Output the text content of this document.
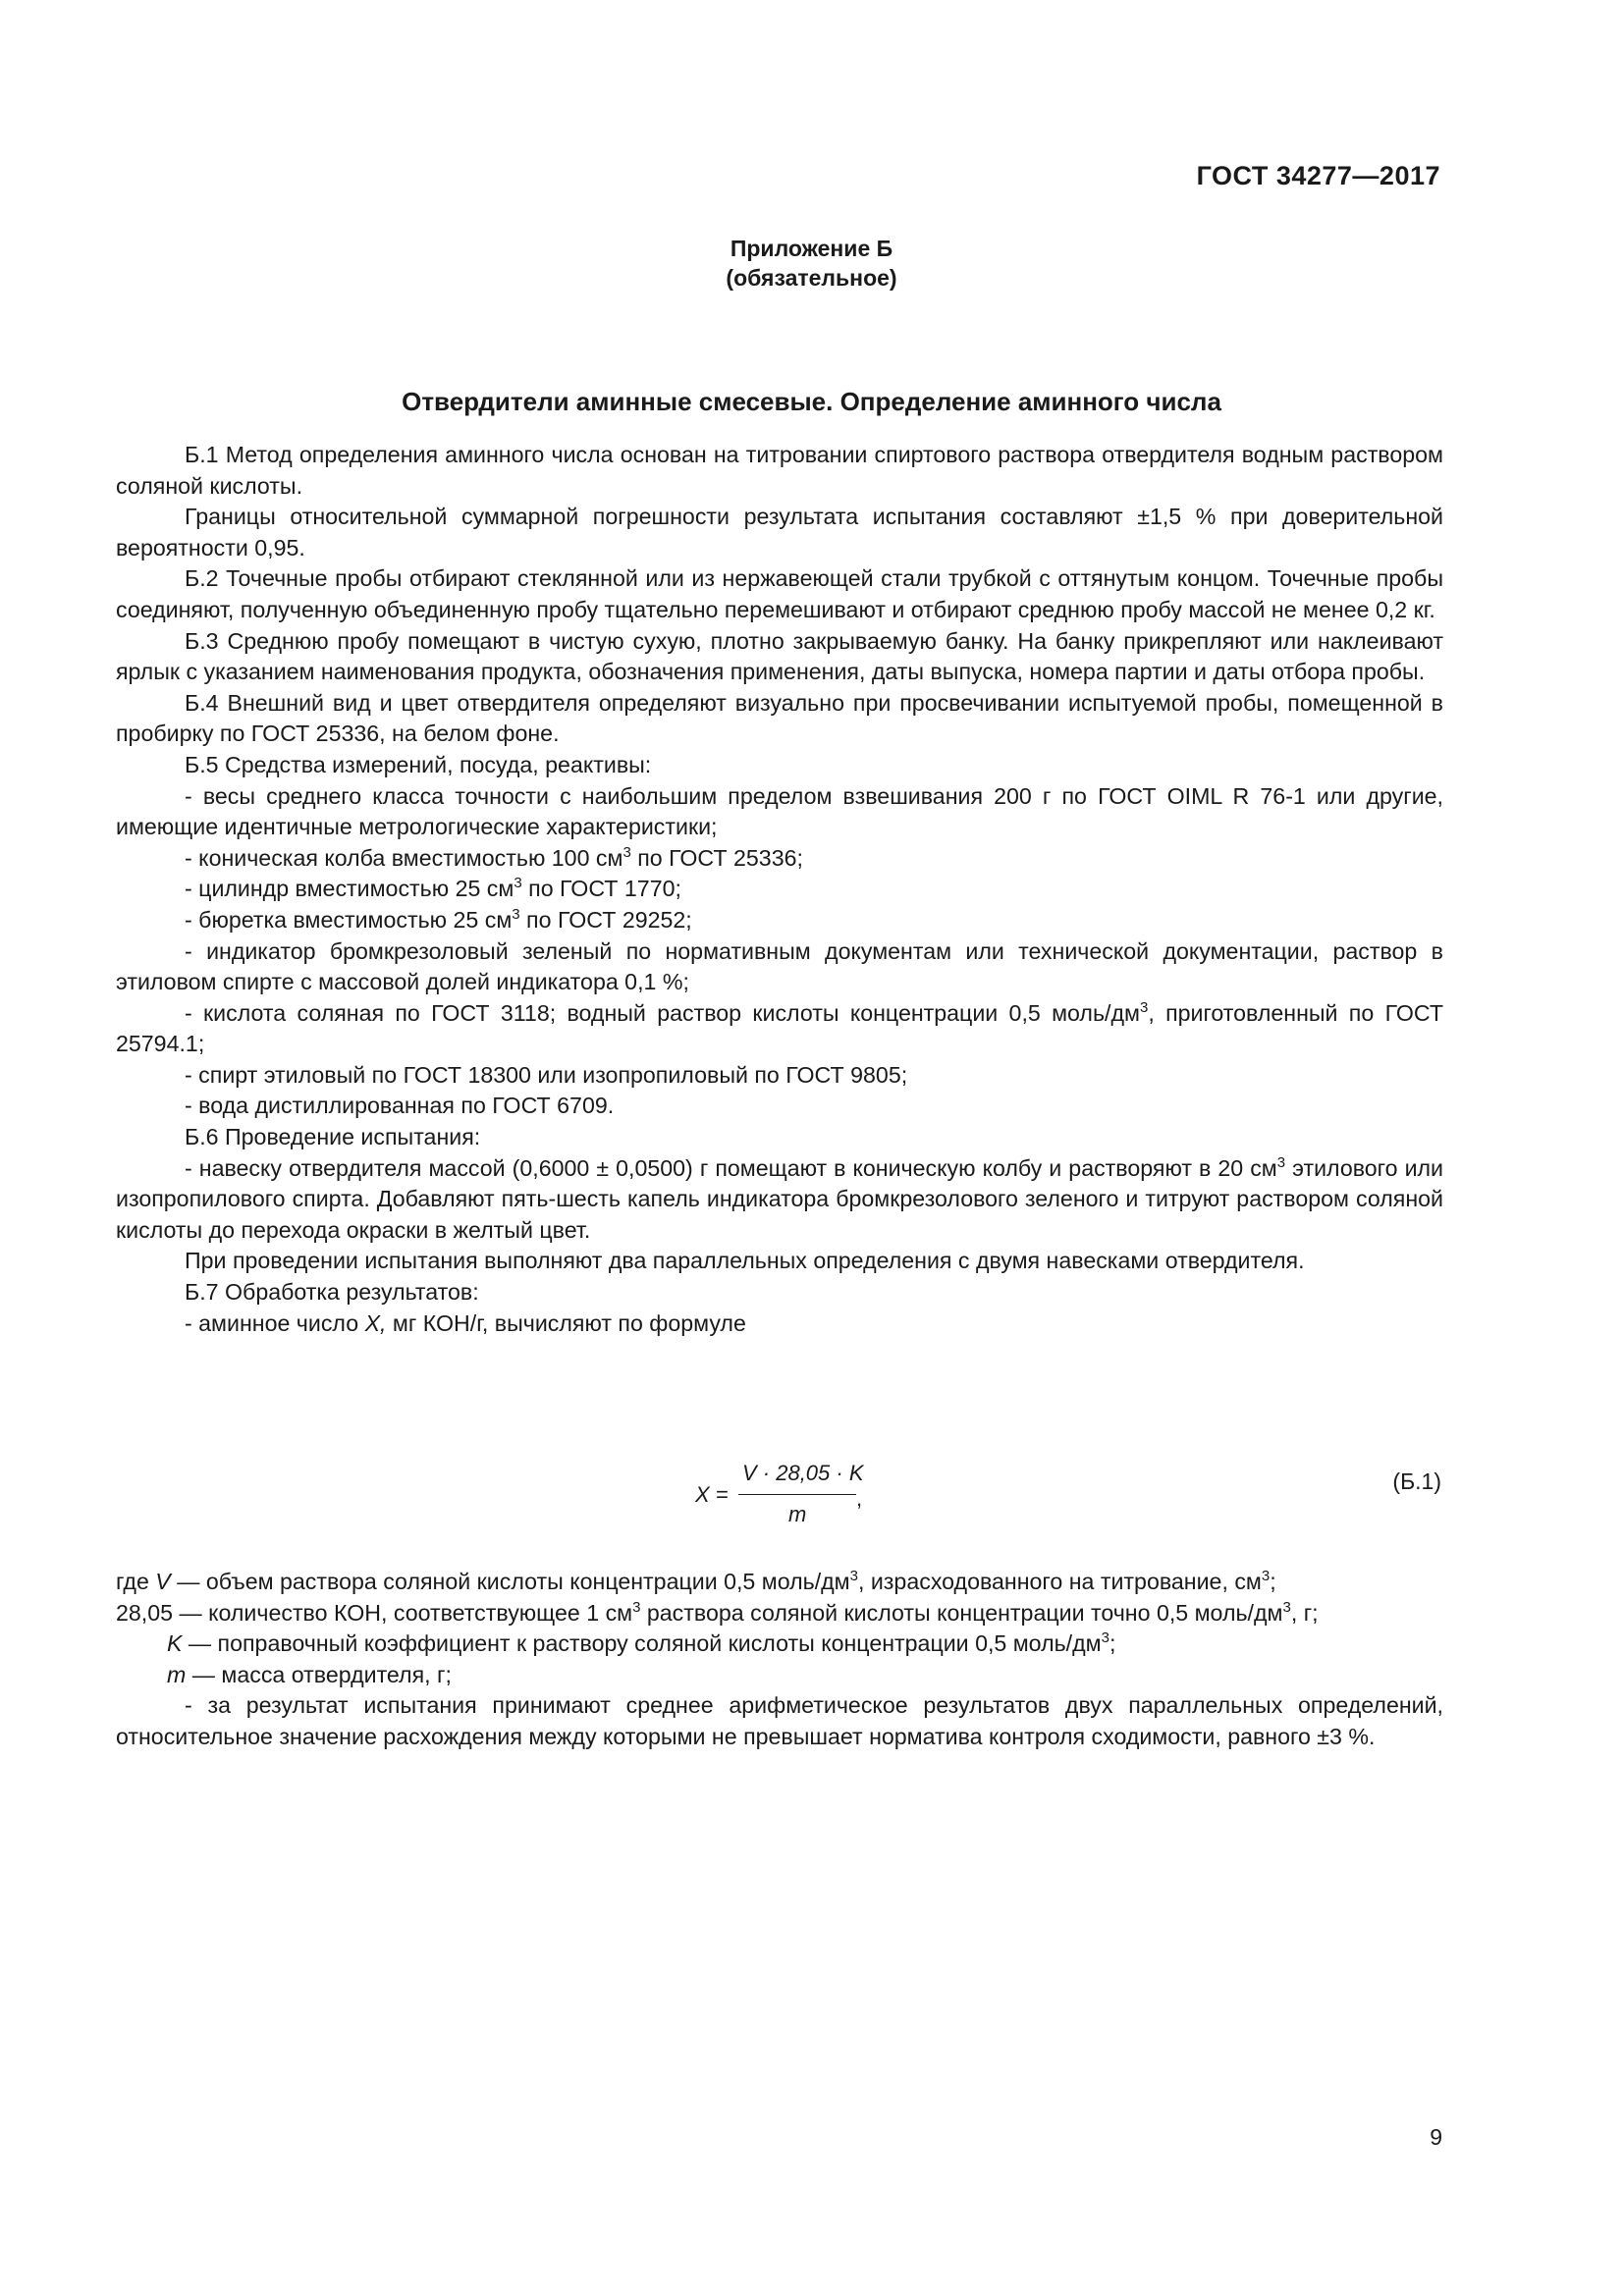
ГОСТ 34277—2017
Приложение Б
(обязательное)
Отвердители аминные смесевые. Определение аминного числа

Б.1 Метод определения аминного числа основан на титровании спиртового раствора отвердителя водным раствором соляной кислоты.

Границы относительной суммарной погрешности результата испытания составляют ±1,5 % при доверительной вероятности 0,95.

Б.2 Точечные пробы отбирают стеклянной или из нержавеющей стали трубкой с оттянутым концом. Точечные пробы соединяют, полученную объединенную пробу тщательно перемешивают и отбирают среднюю пробу массой не менее 0,2 кг.

Б.3 Среднюю пробу помещают в чистую сухую, плотно закрываемую банку. На банку прикрепляют или наклеивают ярлык с указанием наименования продукта, обозначения применения, даты выпуска, номера партии и даты отбора пробы.

Б.4 Внешний вид и цвет отвердителя определяют визуально при просвечивании испытуемой пробы, помещенной в пробирку по ГОСТ 25336, на белом фоне.

Б.5 Средства измерений, посуда, реактивы:

- весы среднего класса точности с наибольшим пределом взвешивания 200 г по ГОСТ OIML R 76-1 или другие, имеющие идентичные метрологические характеристики;

- коническая колба вместимостью 100 $см^3$ по ГОСТ 25336;

- цилиндр вместимостью 25 $см^3$ по ГОСТ 1770;

- бюретка вместимостью 25 $см^3$ по ГОСТ 29252;

- индикатор бромкрезоловый зеленый по нормативным документам или технической документации, раствор в этиловом спирте с массовой долей индикатора 0,1 %;

- кислота соляная по ГОСТ 3118; водный раствор кислоты концентрации 0,5 моль/$дм^3$, приготовленный по ГОСТ 25794.1;

- спирт этиловый по ГОСТ 18300 или изопропиловый по ГОСТ 9805;

- вода дистиллированная по ГОСТ 6709.

Б.6 Проведение испытания:

- навеску отвердителя массой (0,6000 ± 0,0500) г помещают в коническую колбу и растворяют в 20 $см^3$ этилового или изопропилового спирта. Добавляют пять-шесть капель индикатора бромкрезолового зеленого и титруют раствором соляной кислоты до перехода окраски в желтый цвет.

При проведении испытания выполняют два параллельных определения с двумя навесками отвердителя.

Б.7 Обработка результатов:

- аминное число X, мг КОН/г, вычисляют по формуле

X =
V · 28,05 · K
,
m
(Б.1)

где V — объем раствора соляной кислоты концентрации 0,5 моль/$дм^3$, израсходованного на титрование, $см^3$;

28,05 — количество КОН, соответствующее 1 $см^3$ раствора соляной кислоты концентрации точно 0,5 моль/$дм^3$, г;

K — поправочный коэффициент к раствору соляной кислоты концентрации 0,5 моль/$дм^3$;

m — масса отвердителя, г;

- за результат испытания принимают среднее арифметическое результатов двух параллельных определений, относительное значение расхождения между которыми не превышает норматива контроля сходимости, равного ±3 %.

9
